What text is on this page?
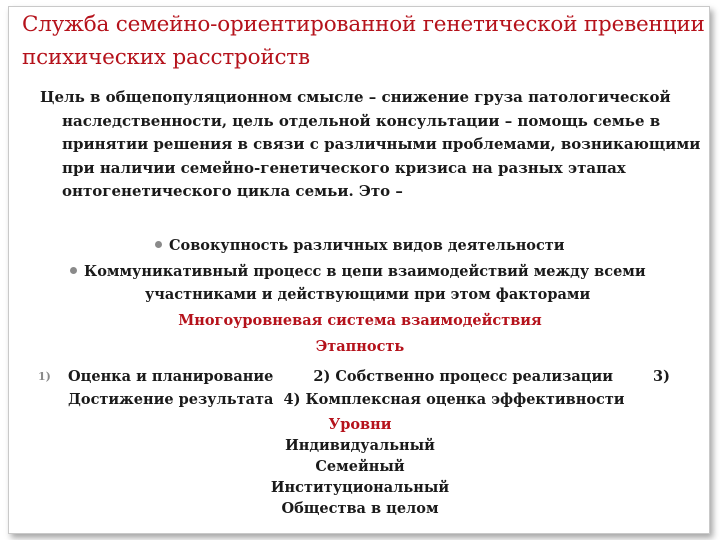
Служба семейно-ориентированной генетической превенции психических расстройств
Цель в общепопуляционном смысле – снижение груза патологической наследственности, цель отдельной консультации – помощь семье в принятии решения в связи с различными проблемами, возникающими при наличии семейно-генетического кризиса на разных этапах онтогенетического цикла семьи. Это –
Совокупность различных видов деятельности
Коммуникативный процесс в цепи взаимодействий между всеми
участниками и действующими при этом факторами
Многоуровневая система взаимодействия
Этапность
1) Оценка и планирование	2) Собственно процесс реализации	3)
Достижение результата 4) Комплексная оценка эффективности
Уровни
Индивидуальный
Семейный
Институциональный
Общества в целом
